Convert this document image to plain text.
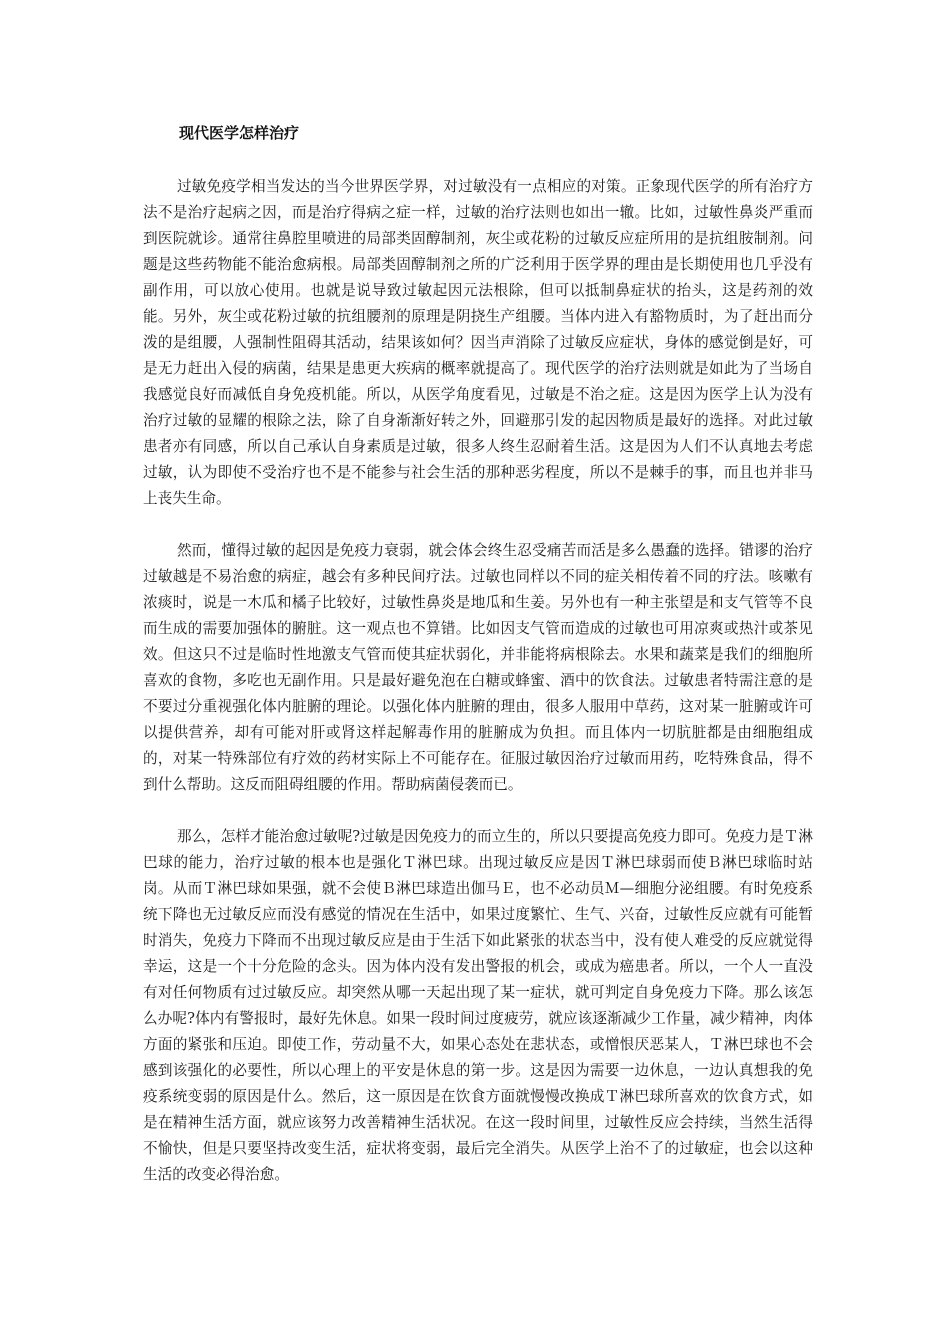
现代医学怎样治疗

过敏免疫学相当发达的当今世界医学界，对过敏没有一点相应的对策。正象现代医学的所有治疗方法不是治疗起病之因，而是治疗得病之症一样，过敏的治疗法则也如出一辙。比如，过敏性鼻炎严重而到医院就诊。通常往鼻腔里喷进的局部类固醇制剂，灰尘或花粉的过敏反应症所用的是抗组胺制剂。问题是这些药物能不能治愈病根。局部类固醇制剂之所的广泛利用于医学界的理由是长期使用也几乎没有副作用，可以放心使用。也就是说导致过敏起因元法根除，但可以抵制鼻症状的抬头，这是药剂的效能。另外，灰尘或花粉过敏的抗组腰剂的原理是阴挠生产组腰。当体内进入有豁物质时，为了赶出而分泼的是组腰，人强制性阻碍其活动，结果该如何？因当声消除了过敏反应症状，身体的感觉倒是好，可是无力赶出入侵的病菌，结果是患更大疾病的概率就提高了。现代医学的治疗法则就是如此为了当场自我感觉良好而减低自身免疫机能。所以，从医学角度看见，过敏是不治之症。这是因为医学上认为没有治疗过敏的显耀的根除之法，除了自身渐渐好转之外，回避那引发的起因物质是最好的选择。对此过敏患者亦有同感，所以自己承认自身素质是过敏，很多人终生忍耐着生活。这是因为人们不认真地去考虑过敏，认为即使不受治疗也不是不能参与社会生活的那种恶劣程度，所以不是棘手的事，而且也并非马上丧失生命。

然而，懂得过敏的起因是免疫力衰弱，就会体会终生忍受痛苦而活是多么愚蠢的选择。错谬的治疗过敏越是不易治愈的病症，越会有多种民间疗法。过敏也同样以不同的症关相传着不同的疗法。咳嗽有浓痰时，说是一木瓜和橘子比较好，过敏性鼻炎是地瓜和生姜。另外也有一种主张望是和支气管等不良而生成的需要加强体的腑脏。这一观点也不算错。比如因支气管而造成的过敏也可用凉爽或热汁或茶见效。但这只不过是临时性地激支气管而使其症状弱化，并非能将病根除去。水果和蔬菜是我们的细胞所喜欢的食物，多吃也无副作用。只是最好避免泡在白糖或蜂蜜、酒中的饮食法。过敏患者特需注意的是不要过分重视强化体内脏腑的理论。以强化体内脏腑的理由，很多人服用中草药，这对某一脏腑或许可以提供营养，却有可能对肝或肾这样起解毒作用的脏腑成为负担。而且体内一切肮脏都是由细胞组成的，对某一特殊部位有疗效的药材实际上不可能存在。征服过敏因治疗过敏而用药，吃特殊食品，得不到什么帮助。这反而阻碍组腰的作用。帮助病菌侵袭而已。

那么，怎样才能治愈过敏呢?过敏是因免疫力的而立生的，所以只要提高免疫力即可。免疫力是Ｔ淋巴球的能力，治疗过敏的根本也是强化Ｔ淋巴球。出现过敏反应是因Ｔ淋巴球弱而使Ｂ淋巴球临时站岗。从而Ｔ淋巴球如果强，就不会使Ｂ淋巴球造出伽马Ｅ，也不必动员Ｍ—细胞分泌组腰。有时免疫系统下降也无过敏反应而没有感觉的情况在生活中，如果过度繁忙、生气、兴奋，过敏性反应就有可能暂时消失，免疫力下降而不出现过敏反应是由于生活下如此紧张的状态当中，没有使人难受的反应就觉得幸运，这是一个十分危险的念头。因为体内没有发出警报的机会，或成为癌患者。所以，一个人一直没有对任何物质有过过敏反应。却突然从哪一天起出现了某一症状，就可判定自身免疫力下降。那么该怎么办呢?体内有警报时，最好先休息。如果一段时间过度疲劳，就应该逐渐减少工作量，减少精神，肉体方面的紧张和压迫。即使工作，劳动量不大，如果心态处在悲状态，或憎恨厌恶某人，Ｔ淋巴球也不会感到该强化的必要性，所以心理上的平安是休息的第一步。这是因为需要一边休息，一边认真想我的免疫系统变弱的原因是什么。然后，这一原因是在饮食方面就慢慢改换成Ｔ淋巴球所喜欢的饮食方式，如是在精神生活方面，就应该努力改善精神生活状况。在这一段时间里，过敏性反应会持续，当然生活得不愉快，但是只要坚持改变生活，症状将变弱，最后完全消失。从医学上治不了的过敏症，也会以这种生活的改变必得治愈。
